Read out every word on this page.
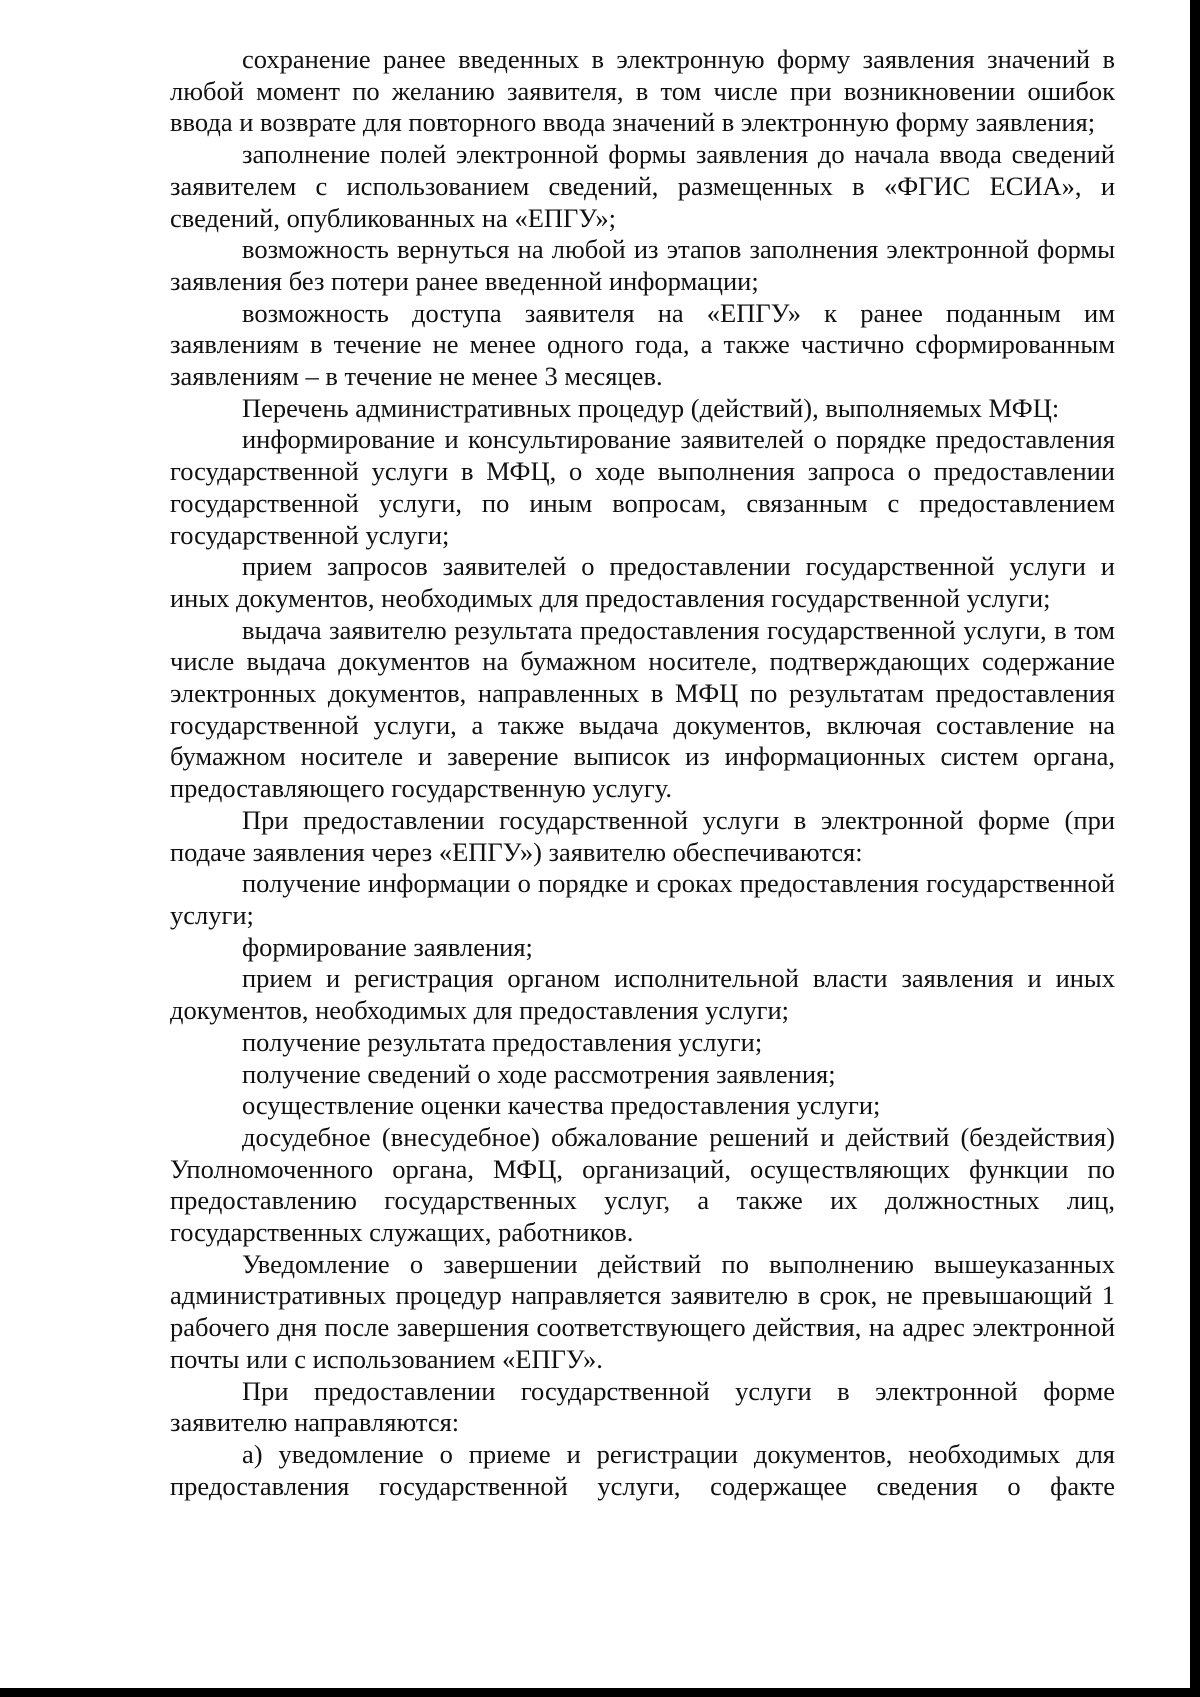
сохранение ранее введенных в электронную форму заявления значений в любой момент по желанию заявителя, в том числе при возникновении ошибок ввода и возврате для повторного ввода значений в электронную форму заявления;

заполнение полей электронной формы заявления до начала ввода сведений заявителем с использованием сведений, размещенных в «ФГИС ЕСИА», и сведений, опубликованных на «ЕПГУ»;

возможность вернуться на любой из этапов заполнения электронной формы заявления без потери ранее введенной информации;

возможность доступа заявителя на «ЕПГУ» к ранее поданным им заявлениям в течение не менее одного года, а также частично сформированным заявлениям – в течение не менее 3 месяцев.

Перечень административных процедур (действий), выполняемых МФЦ:

информирование и консультирование заявителей о порядке предоставления государственной услуги в МФЦ, о ходе выполнения запроса о предоставлении государственной услуги, по иным вопросам, связанным с предоставлением государственной услуги;

прием запросов заявителей о предоставлении государственной услуги и иных документов, необходимых для предоставления государственной услуги;

выдача заявителю результата предоставления государственной услуги, в том числе выдача документов на бумажном носителе, подтверждающих содержание электронных документов, направленных в МФЦ по результатам предоставления государственной услуги, а также выдача документов, включая составление на бумажном носителе и заверение выписок из информационных систем органа, предоставляющего государственную услугу.

При предоставлении государственной услуги в электронной форме (при подаче заявления через «ЕПГУ») заявителю обеспечиваются:

получение информации о порядке и сроках предоставления государственной услуги;

формирование заявления;

прием и регистрация органом исполнительной власти заявления и иных документов, необходимых для предоставления услуги;

получение результата предоставления услуги;

получение сведений о ходе рассмотрения заявления;

осуществление оценки качества предоставления услуги;

досудебное (внесудебное) обжалование решений и действий (бездействия) Уполномоченного органа, МФЦ, организаций, осуществляющих функции по предоставлению государственных услуг, а также их должностных лиц, государственных служащих, работников.

Уведомление о завершении действий по выполнению вышеуказанных административных процедур направляется заявителю в срок, не превышающий 1 рабочего дня после завершения соответствующего действия, на адрес электронной почты или с использованием «ЕПГУ».

При предоставлении государственной услуги в электронной форме заявителю направляются:

а) уведомление о приеме и регистрации документов, необходимых для предоставления государственной услуги, содержащее сведения о факте
